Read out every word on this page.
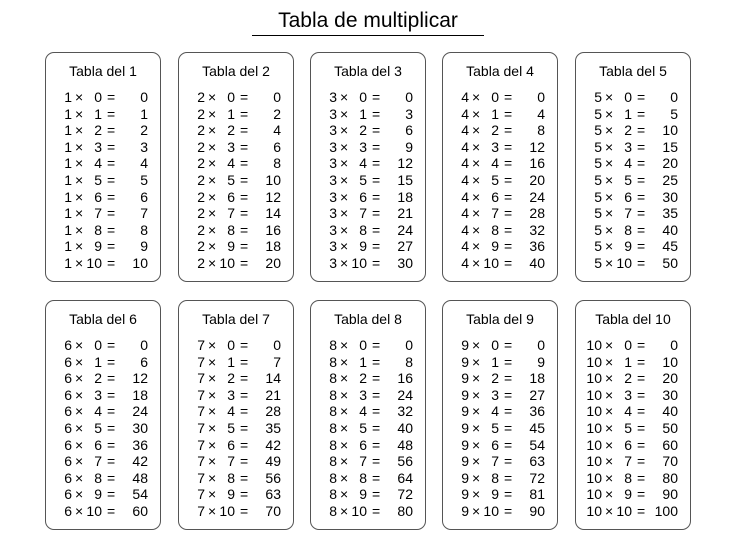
Tabla de multiplicar
Tabla del 1
1 × 0 = 0
1 × 1 = 1
1 × 2 = 2
1 × 3 = 3
1 × 4 = 4
1 × 5 = 5
1 × 6 = 6
1 × 7 = 7
1 × 8 = 8
1 × 9 = 9
1 × 10 = 10
Tabla del 2
2 × 0 = 0
2 × 1 = 2
2 × 2 = 4
2 × 3 = 6
2 × 4 = 8
2 × 5 = 10
2 × 6 = 12
2 × 7 = 14
2 × 8 = 16
2 × 9 = 18
2 × 10 = 20
Tabla del 3
3 × 0 = 0
3 × 1 = 3
3 × 2 = 6
3 × 3 = 9
3 × 4 = 12
3 × 5 = 15
3 × 6 = 18
3 × 7 = 21
3 × 8 = 24
3 × 9 = 27
3 × 10 = 30
Tabla del 4
4 × 0 = 0
4 × 1 = 4
4 × 2 = 8
4 × 3 = 12
4 × 4 = 16
4 × 5 = 20
4 × 6 = 24
4 × 7 = 28
4 × 8 = 32
4 × 9 = 36
4 × 10 = 40
Tabla del 5
5 × 0 = 0
5 × 1 = 5
5 × 2 = 10
5 × 3 = 15
5 × 4 = 20
5 × 5 = 25
5 × 6 = 30
5 × 7 = 35
5 × 8 = 40
5 × 9 = 45
5 × 10 = 50
Tabla del 6
6 × 0 = 0
6 × 1 = 6
6 × 2 = 12
6 × 3 = 18
6 × 4 = 24
6 × 5 = 30
6 × 6 = 36
6 × 7 = 42
6 × 8 = 48
6 × 9 = 54
6 × 10 = 60
Tabla del 7
7 × 0 = 0
7 × 1 = 7
7 × 2 = 14
7 × 3 = 21
7 × 4 = 28
7 × 5 = 35
7 × 6 = 42
7 × 7 = 49
7 × 8 = 56
7 × 9 = 63
7 × 10 = 70
Tabla del 8
8 × 0 = 0
8 × 1 = 8
8 × 2 = 16
8 × 3 = 24
8 × 4 = 32
8 × 5 = 40
8 × 6 = 48
8 × 7 = 56
8 × 8 = 64
8 × 9 = 72
8 × 10 = 80
Tabla del 9
9 × 0 = 0
9 × 1 = 9
9 × 2 = 18
9 × 3 = 27
9 × 4 = 36
9 × 5 = 45
9 × 6 = 54
9 × 7 = 63
9 × 8 = 72
9 × 9 = 81
9 × 10 = 90
Tabla del 10
10 × 0 = 0
10 × 1 = 10
10 × 2 = 20
10 × 3 = 30
10 × 4 = 40
10 × 5 = 50
10 × 6 = 60
10 × 7 = 70
10 × 8 = 80
10 × 9 = 90
10 × 10 = 100
